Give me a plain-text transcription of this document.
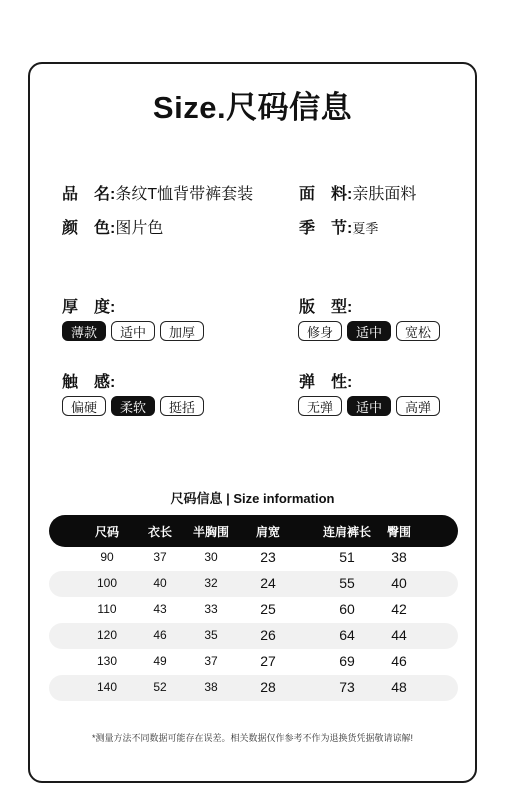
Size.尺码信息
品　名:条纹T恤背带裤套装	面　料:亲肤面料
颜　色:图片色	季　节:夏季
厚　度:
薄款	适中	加厚
版　型:
修身	适中	宽松
触　感:
偏硬	柔软	挺括
弹　性:
无弹	适中	高弹
尺码信息 | Size information
尺码 衣长 半胸围 肩宽	连肩裤长 臀围
90	37	30	23	51	38
100	40	32	24	55	40
110	43	33	25	60	42
120	46	35	26	64	44
130	49	37	27	69	46
140	52	38	28	73	48
*测量方法不同数据可能存在误差。相关数据仅作参考不作为退换货凭据敬请谅解!
